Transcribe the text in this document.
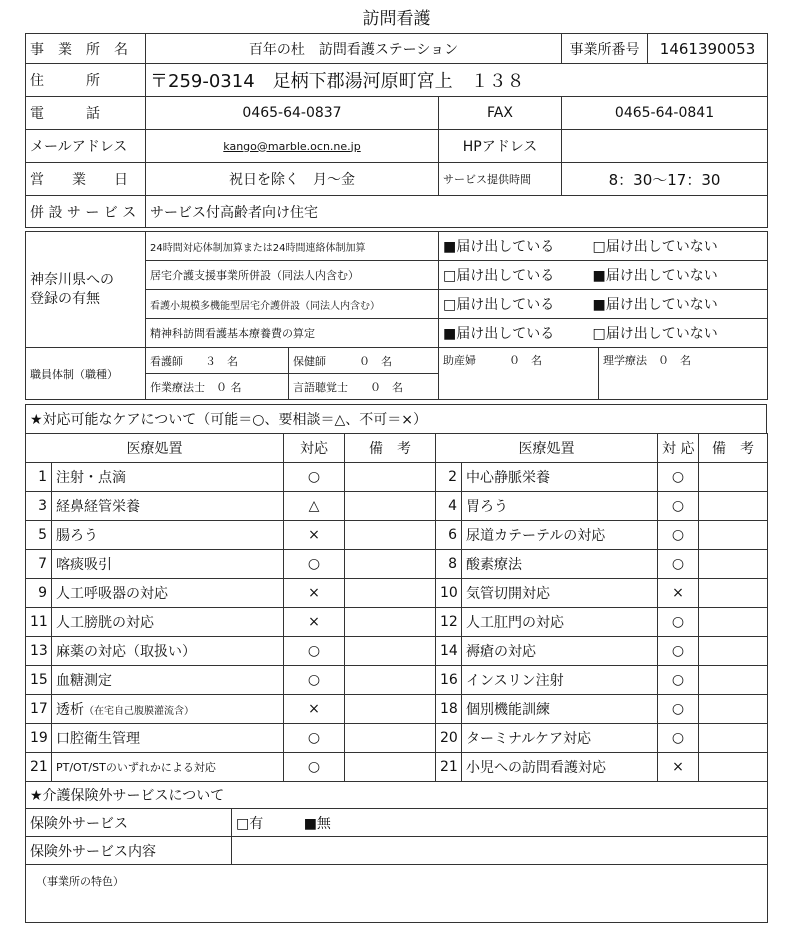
訪問看護
事　業　所　名	百年の杜　訪問看護ステーション		事業所番号	1461390053
住　　　所	〒259-0314　足柄下郡湯河原町宮上　１３８			
電　　　話	0465-64-0837	FAX	0465-64-0841	
メールアドレス	kango@marble.ocn.ne.jp	HPアドレス		
営　　業　　日	祝日を除く　月〜金	サービス提供時間	8：30〜17：30	
併 設 サ ー ビ ス	サービス付高齢者向け住宅			
神奈川県への
登録の有無	24時間対応体制加算または24時間連絡体制加算	■届け出している	□届け出していない
	居宅介護支援事業所併設（同法人内含む）	□届け出している	■届け出していない
	看護小規模多機能型居宅介護併設（同法人内含む）	□届け出している	■届け出していない
	精神科訪問看護基本療養費の算定	■届け出している	□届け出していない
職員体制（職種）	看護師　　３　名	保健師　　　０　名	助産婦　　　０　名	理学療法　０　名
	作業療法士　０ 名	言語聴覚士　　０　名		
★対応可能なケアについて（可能＝○、要相談＝△、不可＝×）
医療処置		対応	備　考	医療処置		対 応	備　考
1	注射・点滴	○		2	中心静脈栄養	○	
3	経鼻経管栄養	△		4	胃ろう	○	
5	腸ろう	×		6	尿道カテーテルの対応	○	
7	喀痰吸引	○		8	酸素療法	○	
9	人工呼吸器の対応	×		10	気管切開対応	×	
11	人工膀胱の対応	×		12	人工肛門の対応	○	
13	麻薬の対応（取扱い）	○		14	褥瘡の対応	○	
15	血糖測定	○		16	インスリン注射	○	
17	透析（在宅自己腹膜灌流含）	×		18	個別機能訓練	○	
19	口腔衛生管理	○		20	ターミナルケア対応	○	
21	PT/OT/STのいずれかによる対応	○		21	小児への訪問看護対応	×	
★介護保険外サービスについて	
保険外サービス	□有 ■無
保険外サービス内容	
（事業所の特色）	
